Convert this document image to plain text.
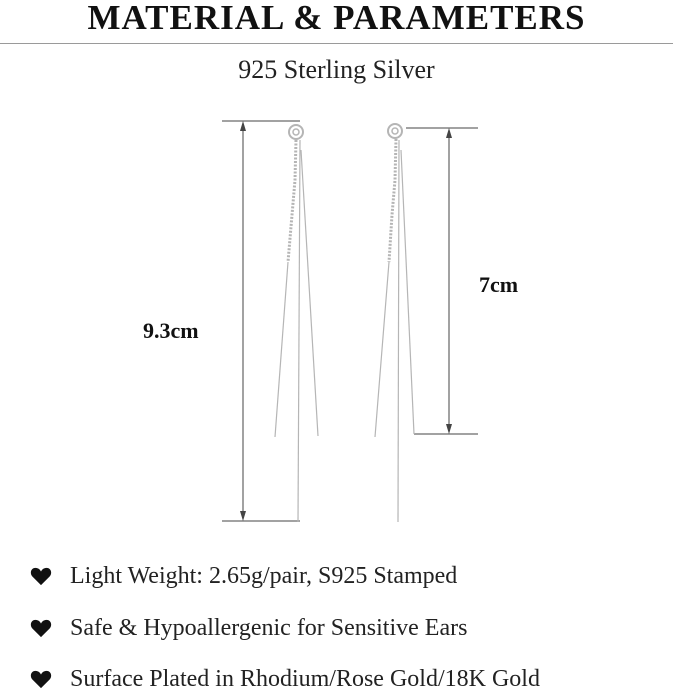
MATERIAL & PARAMETERS
925 Sterling Silver
9.3cm
7cm
Light Weight: 2.65g/pair, S925 Stamped
Safe & Hypoallergenic for Sensitive Ears
Surface Plated in Rhodium/Rose Gold/18K Gold
